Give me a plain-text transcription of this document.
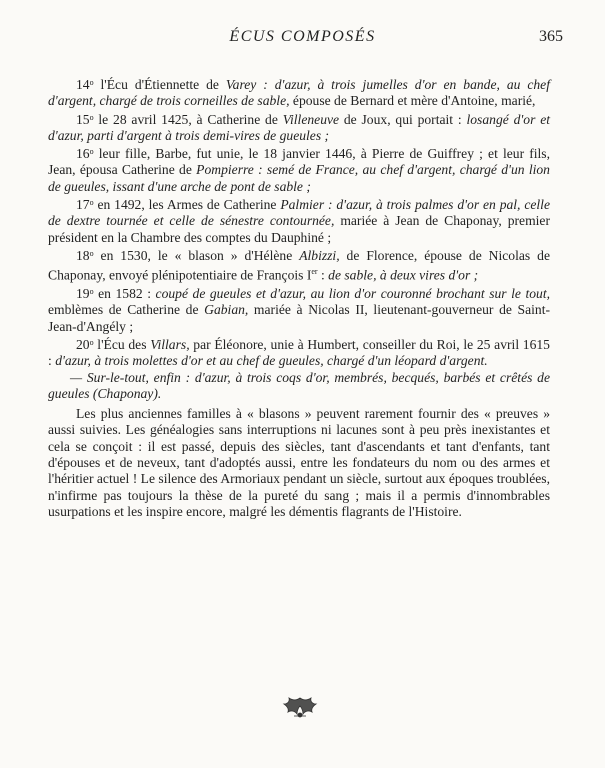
ÉCUS COMPOSÉS	365

14$^o$ l'Écu d'Étiennette de Varey : d'azur, à trois jumelles d'or en bande, au chef d'argent, chargé de trois corneilles de sable, épouse de Bernard et mère d'Antoine, marié,

15$^o$ le 28 avril 1425, à Catherine de Villeneuve de Joux, qui portait : losangé d'or et d'azur, parti d'argent à trois demi-vires de gueules ;

16$^o$ leur fille, Barbe, fut unie, le 18 janvier 1446, à Pierre de Guiffrey ; et leur fils, Jean, épousa Catherine de Pompierre : semé de France, au chef d'argent, chargé d'un lion de gueules, issant d'une arche de pont de sable ;

17$^o$ en 1492, les Armes de Catherine Palmier : d'azur, à trois palmes d'or en pal, celle de dextre tournée et celle de sénestre contournée, mariée à Jean de Chaponay, premier président en la Chambre des comptes du Dauphiné ;

18$^o$ en 1530, le « blason » d'Hélène Albizzi, de Florence, épouse de Nicolas de Chaponay, envoyé plénipotentiaire de François Ier : de sable, à deux vires d'or ;

19$^o$ en 1582 : coupé de gueules et d'azur, au lion d'or couronné brochant sur le tout, emblèmes de Catherine de Gabian, mariée à Nicolas II, lieutenant-gouverneur de Saint-Jean-d'Angély ;

20$^o$ l'Écu des Villars, par Éléonore, unie à Humbert, conseiller du Roi, le 25 avril 1615 : d'azur, à trois molettes d'or et au chef de gueules, chargé d'un léopard d'argent.

— Sur-le-tout, enfin : d'azur, à trois coqs d'or, membrés, becqués, barbés et crêtés de gueules (Chaponay).

Les plus anciennes familles à « blasons » peuvent rarement fournir des « preuves » aussi suivies. Les généalogies sans interruptions ni lacunes sont à peu près inexistantes et cela se conçoit : il est passé, depuis des siècles, tant d'ascendants et tant d'enfants, tant d'épouses et de neveux, tant d'adoptés aussi, entre les fondateurs du nom ou des armes et l'héritier actuel ! Le silence des Armoriaux pendant un siècle, surtout aux époques troublées, n'infirme pas toujours la thèse de la pureté du sang ; mais il a permis d'innombrables usurpations et les inspire encore, malgré les démentis flagrants de l'Histoire.
